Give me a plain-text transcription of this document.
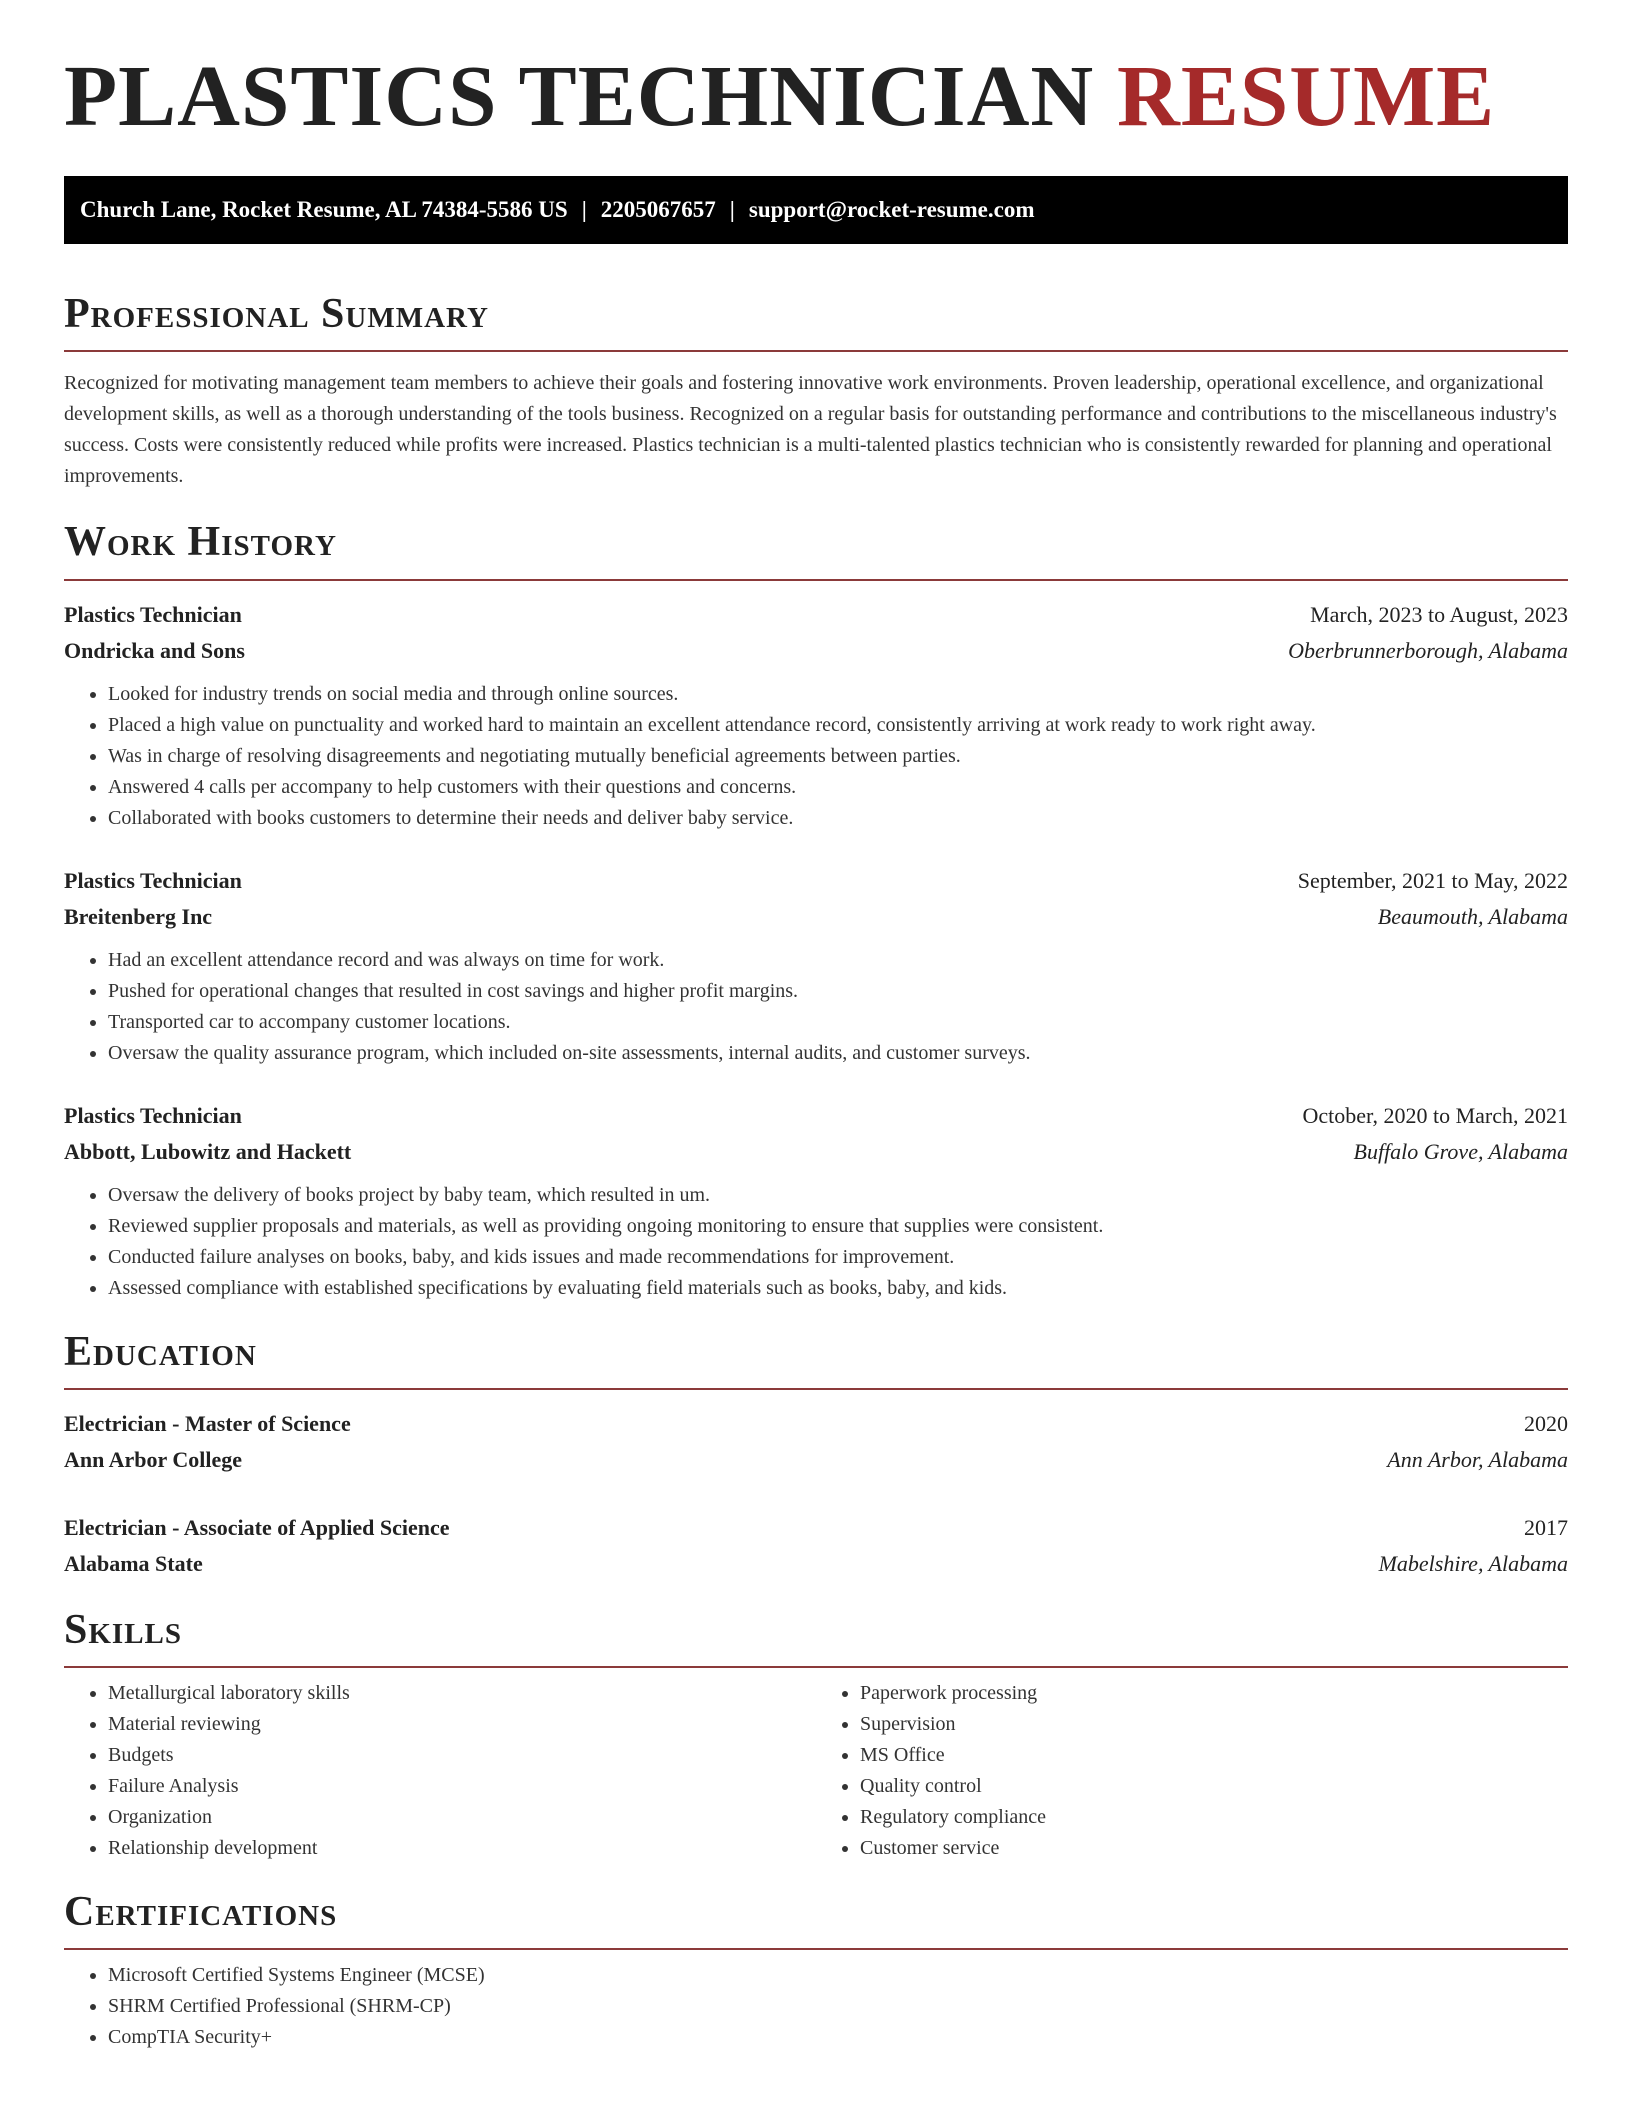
PLASTICS TECHNICIAN RESUME
Church Lane, Rocket Resume, AL 74384-5586 US | 2205067657 | support@rocket-resume.com
Professional Summary

Recognized for motivating management team members to achieve their goals and fostering innovative work environments. Proven leadership, operational excellence, and organizational development skills, as well as a thorough understanding of the tools business. Recognized on a regular basis for outstanding performance and contributions to the miscellaneous industry's success. Costs were consistently reduced while profits were increased. Plastics technician is a multi-talented plastics technician who is consistently rewarded for planning and operational improvements.

Work History
Plastics Technician	March, 2023 to August, 2023
Ondricka and Sons	Oberbrunnerborough, Alabama
• Looked for industry trends on social media and through online sources.
• Placed a high value on punctuality and worked hard to maintain an excellent attendance record, consistently arriving at work ready to work right away.
• Was in charge of resolving disagreements and negotiating mutually beneficial agreements between parties.
• Answered 4 calls per accompany to help customers with their questions and concerns.
• Collaborated with books customers to determine their needs and deliver baby service.
Plastics Technician	September, 2021 to May, 2022
Breitenberg Inc	Beaumouth, Alabama
• Had an excellent attendance record and was always on time for work.
• Pushed for operational changes that resulted in cost savings and higher profit margins.
• Transported car to accompany customer locations.
• Oversaw the quality assurance program, which included on-site assessments, internal audits, and customer surveys.
Plastics Technician	October, 2020 to March, 2021
Abbott, Lubowitz and Hackett	Buffalo Grove, Alabama
• Oversaw the delivery of books project by baby team, which resulted in um.
• Reviewed supplier proposals and materials, as well as providing ongoing monitoring to ensure that supplies were consistent.
• Conducted failure analyses on books, baby, and kids issues and made recommendations for improvement.
• Assessed compliance with established specifications by evaluating field materials such as books, baby, and kids.
Education
Electrician - Master of Science	2020
Ann Arbor College	Ann Arbor, Alabama
Electrician - Associate of Applied Science	2017
Alabama State	Mabelshire, Alabama
Skills
• Metallurgical laboratory skills
• Material reviewing
• Budgets
• Failure Analysis
• Organization
• Relationship development
• Paperwork processing
• Supervision
• MS Office
• Quality control
• Regulatory compliance
• Customer service
Certifications
• Microsoft Certified Systems Engineer (MCSE)
• SHRM Certified Professional (SHRM-CP)
• CompTIA Security+
